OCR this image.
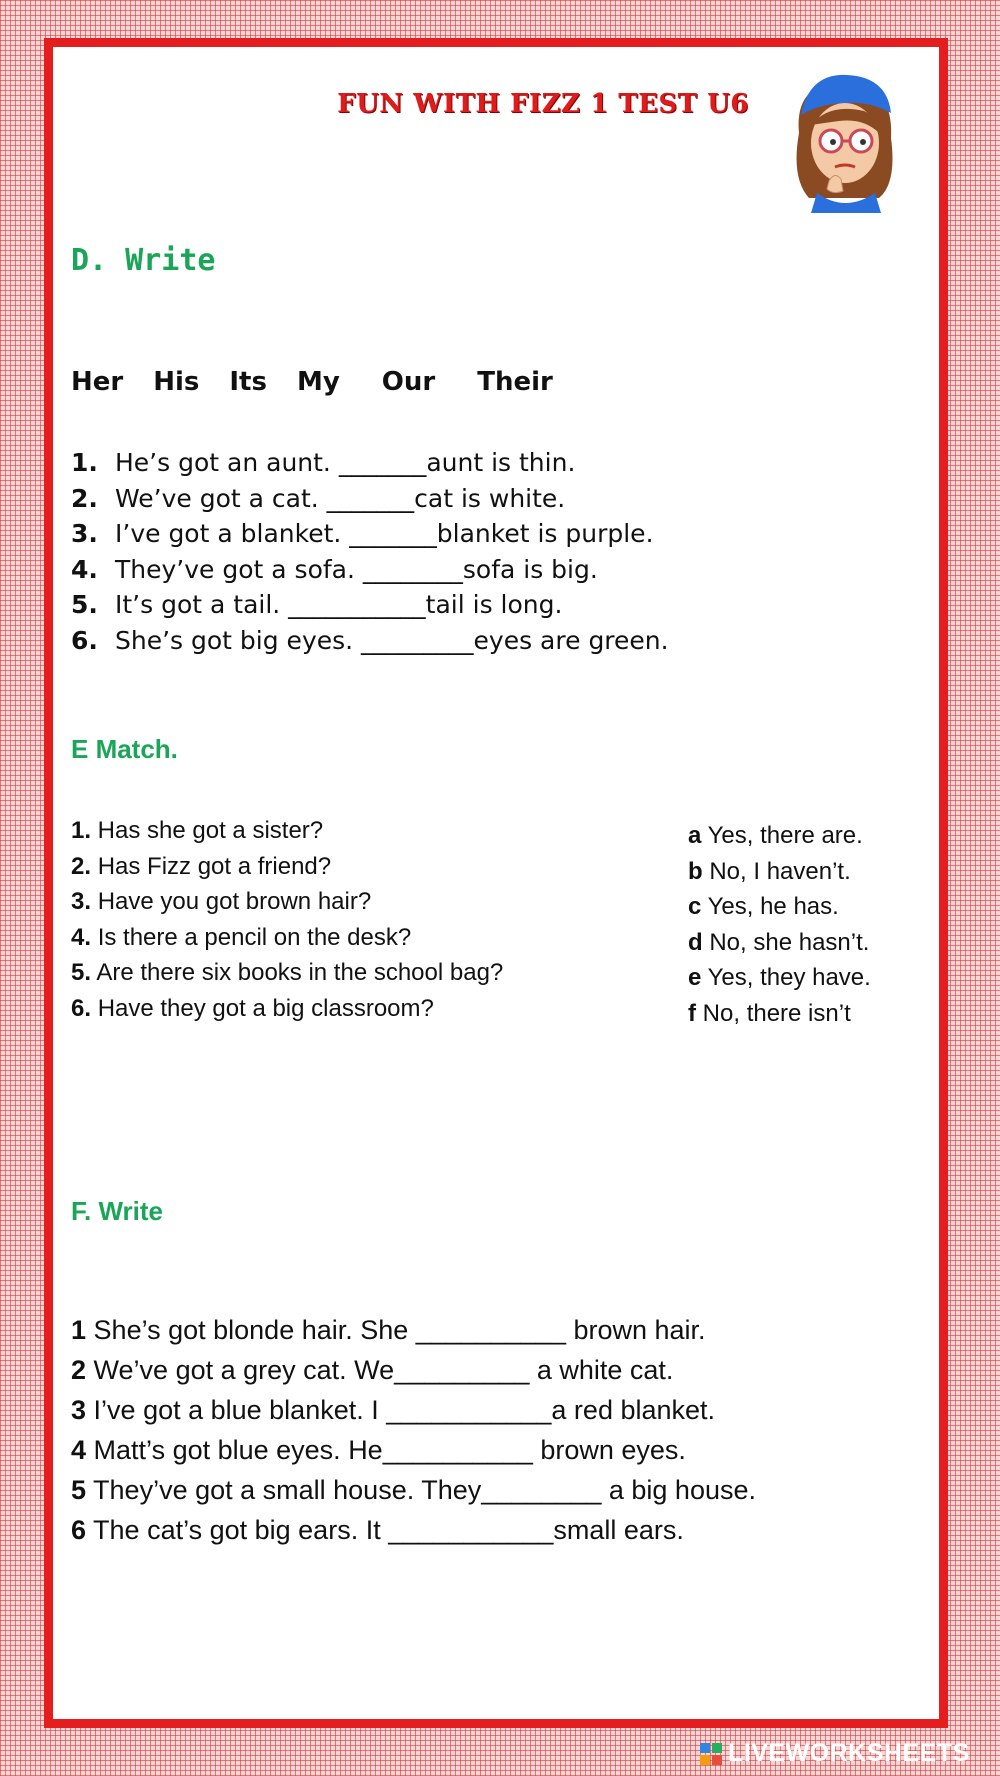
FUN WITH FIZZ 1 TEST U6
D. Write
Her His Its My Our Their
1. He’s got an aunt. _______aunt is thin.
2. We’ve got a cat. _______cat is white.
3. I’ve got a blanket. _______blanket is purple.
4. They’ve got a sofa. ________sofa is big.
5. It’s got a tail. ___________tail is long.
6. She’s got big eyes. _________eyes are green.
E Match.
1. Has she got a sister?
2. Has Fizz got a friend?
3. Have you got brown hair?
4. Is there a pencil on the desk?
5. Are there six books in the school bag?
6. Have they got a big classroom?
a Yes, there are.
b No, I haven’t.
c Yes, he has.
d No, she hasn’t.
e Yes, they have.
f No, there isn’t
F. Write
1 She’s got blonde hair. She __________ brown hair.
2 We’ve got a grey cat. We_________ a white cat.
3 I’ve got a blue blanket. I ___________a red blanket.
4 Matt’s got blue eyes. He__________ brown eyes.
5 They’ve got a small house. They________ a big house.
6 The cat’s got big ears. It ___________small ears.
LIVEWORKSHEETS
